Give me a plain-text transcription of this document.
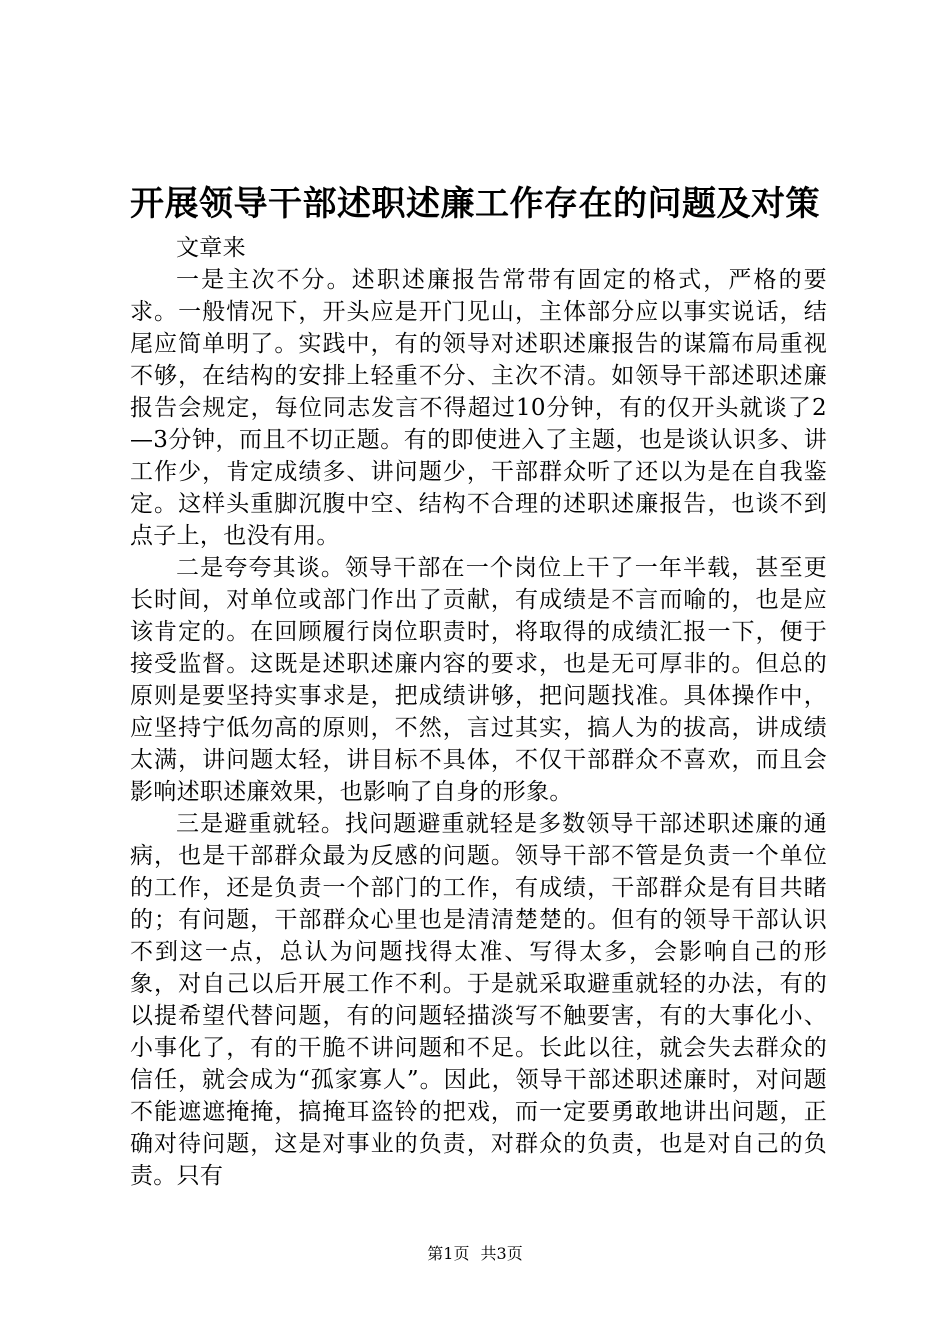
开展领导干部述职述廉工作存在的问题及对策

文章来

一是主次不分。述职述廉报告常带有固定的格式，严格的要求。一般情况下，开头应是开门见山，主体部分应以事实说话，结尾应简单明了。实践中，有的领导对述职述廉报告的谋篇布局重视不够，在结构的安排上轻重不分、主次不清。如领导干部述职述廉报告会规定，每位同志发言不得超过10分钟，有的仅开头就谈了2—3分钟，而且不切正题。有的即使进入了主题，也是谈认识多、讲工作少，肯定成绩多、讲问题少，干部群众听了还以为是在自我鉴定。这样头重脚沉腹中空、结构不合理的述职述廉报告，也谈不到点子上，也没有用。

二是夸夸其谈。领导干部在一个岗位上干了一年半载，甚至更长时间，对单位或部门作出了贡献，有成绩是不言而喻的，也是应该肯定的。在回顾履行岗位职责时，将取得的成绩汇报一下，便于接受监督。这既是述职述廉内容的要求，也是无可厚非的。但总的原则是要坚持实事求是，把成绩讲够，把问题找准。具体操作中，应坚持宁低勿高的原则，不然，言过其实，搞人为的拔高，讲成绩太满，讲问题太轻，讲目标不具体，不仅干部群众不喜欢，而且会影响述职述廉效果，也影响了自身的形象。

三是避重就轻。找问题避重就轻是多数领导干部述职述廉的通病，也是干部群众最为反感的问题。领导干部不管是负责一个单位的工作，还是负责一个部门的工作，有成绩，干部群众是有目共睹的；有问题，干部群众心里也是清清楚楚的。但有的领导干部认识不到这一点，总认为问题找得太准、写得太多，会影响自己的形象，对自己以后开展工作不利。于是就采取避重就轻的办法，有的以提希望代替问题，有的问题轻描淡写不触要害，有的大事化小、小事化了，有的干脆不讲问题和不足。长此以往，就会失去群众的信任，就会成为“孤家寡人”。因此，领导干部述职述廉时，对问题不能遮遮掩掩，搞掩耳盗铃的把戏，而一定要勇敢地讲出问题，正确对待问题，这是对事业的负责，对群众的负责，也是对自己的负责。只有

第1页 共3页
